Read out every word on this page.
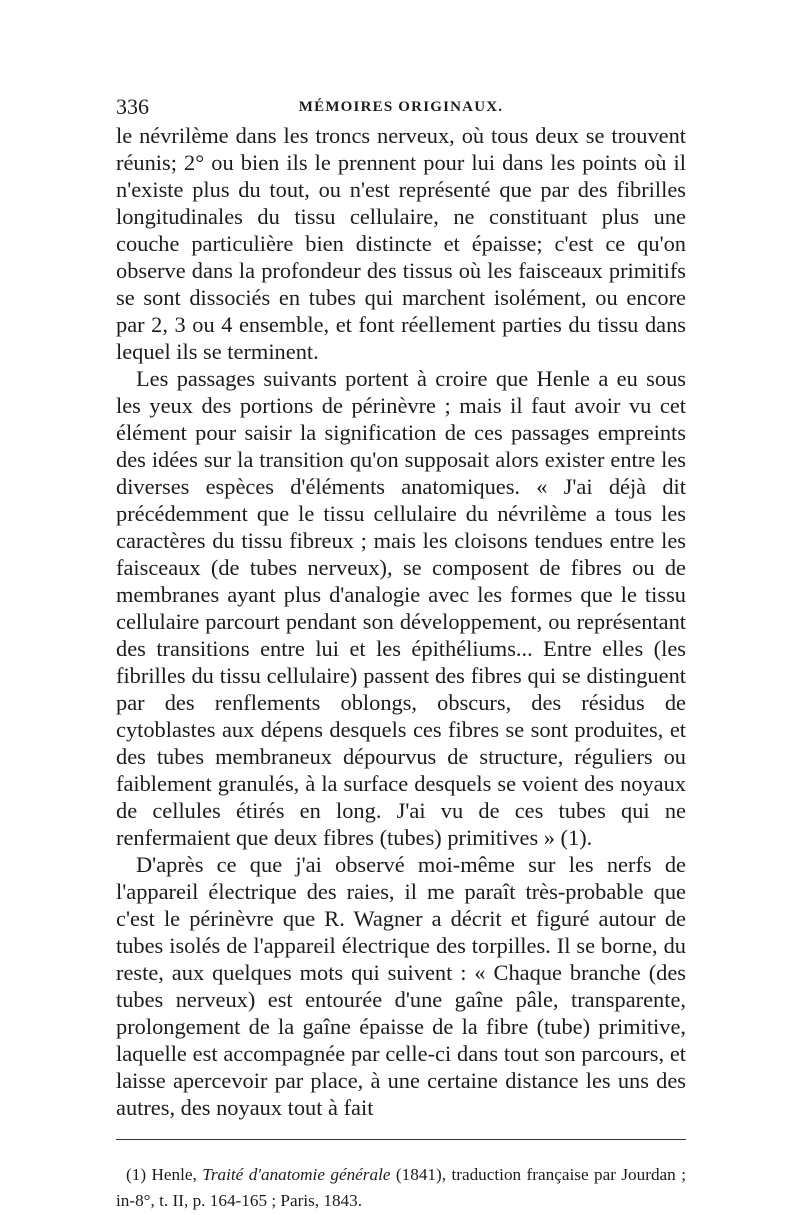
336	MÉMOIRES ORIGINAUX.

le névrilème dans les troncs nerveux, où tous deux se trouvent réunis; 2° ou bien ils le prennent pour lui dans les points où il n'existe plus du tout, ou n'est représenté que par des fibrilles longitudinales du tissu cellulaire, ne constituant plus une couche particulière bien distincte et épaisse; c'est ce qu'on observe dans la profondeur des tissus où les faisceaux primitifs se sont dissociés en tubes qui marchent isolément, ou encore par 2, 3 ou 4 ensemble, et font réellement parties du tissu dans lequel ils se terminent.

Les passages suivants portent à croire que Henle a eu sous les yeux des portions de périnèvre ; mais il faut avoir vu cet élément pour saisir la signification de ces passages empreints des idées sur la transition qu'on supposait alors exister entre les diverses espèces d'éléments anatomiques. « J'ai déjà dit précédemment que le tissu cellulaire du névrilème a tous les caractères du tissu fibreux ; mais les cloisons tendues entre les faisceaux (de tubes nerveux), se composent de fibres ou de membranes ayant plus d'analogie avec les formes que le tissu cellulaire parcourt pendant son développement, ou représentant des transitions entre lui et les épithéliums... Entre elles (les fibrilles du tissu cellulaire) passent des fibres qui se distinguent par des renflements oblongs, obscurs, des résidus de cytoblastes aux dépens desquels ces fibres se sont produites, et des tubes membraneux dépourvus de structure, réguliers ou faiblement granulés, à la surface desquels se voient des noyaux de cellules étirés en long. J'ai vu de ces tubes qui ne renfermaient que deux fibres (tubes) primitives » (1).

D'après ce que j'ai observé moi-même sur les nerfs de l'appareil électrique des raies, il me paraît très-probable que c'est le périnèvre que R. Wagner a décrit et figuré autour de tubes isolés de l'appareil électrique des torpilles. Il se borne, du reste, aux quelques mots qui suivent : « Chaque branche (des tubes nerveux) est entourée d'une gaîne pâle, transparente, prolongement de la gaîne épaisse de la fibre (tube) primitive, laquelle est accompagnée par celle-ci dans tout son parcours, et laisse apercevoir par place, à une certaine distance les uns des autres, des noyaux tout à fait

(1) Henle, Traité d'anatomie générale (1841), traduction française par Jourdan ; in-8°, t. II, p. 164-165 ; Paris, 1843.
